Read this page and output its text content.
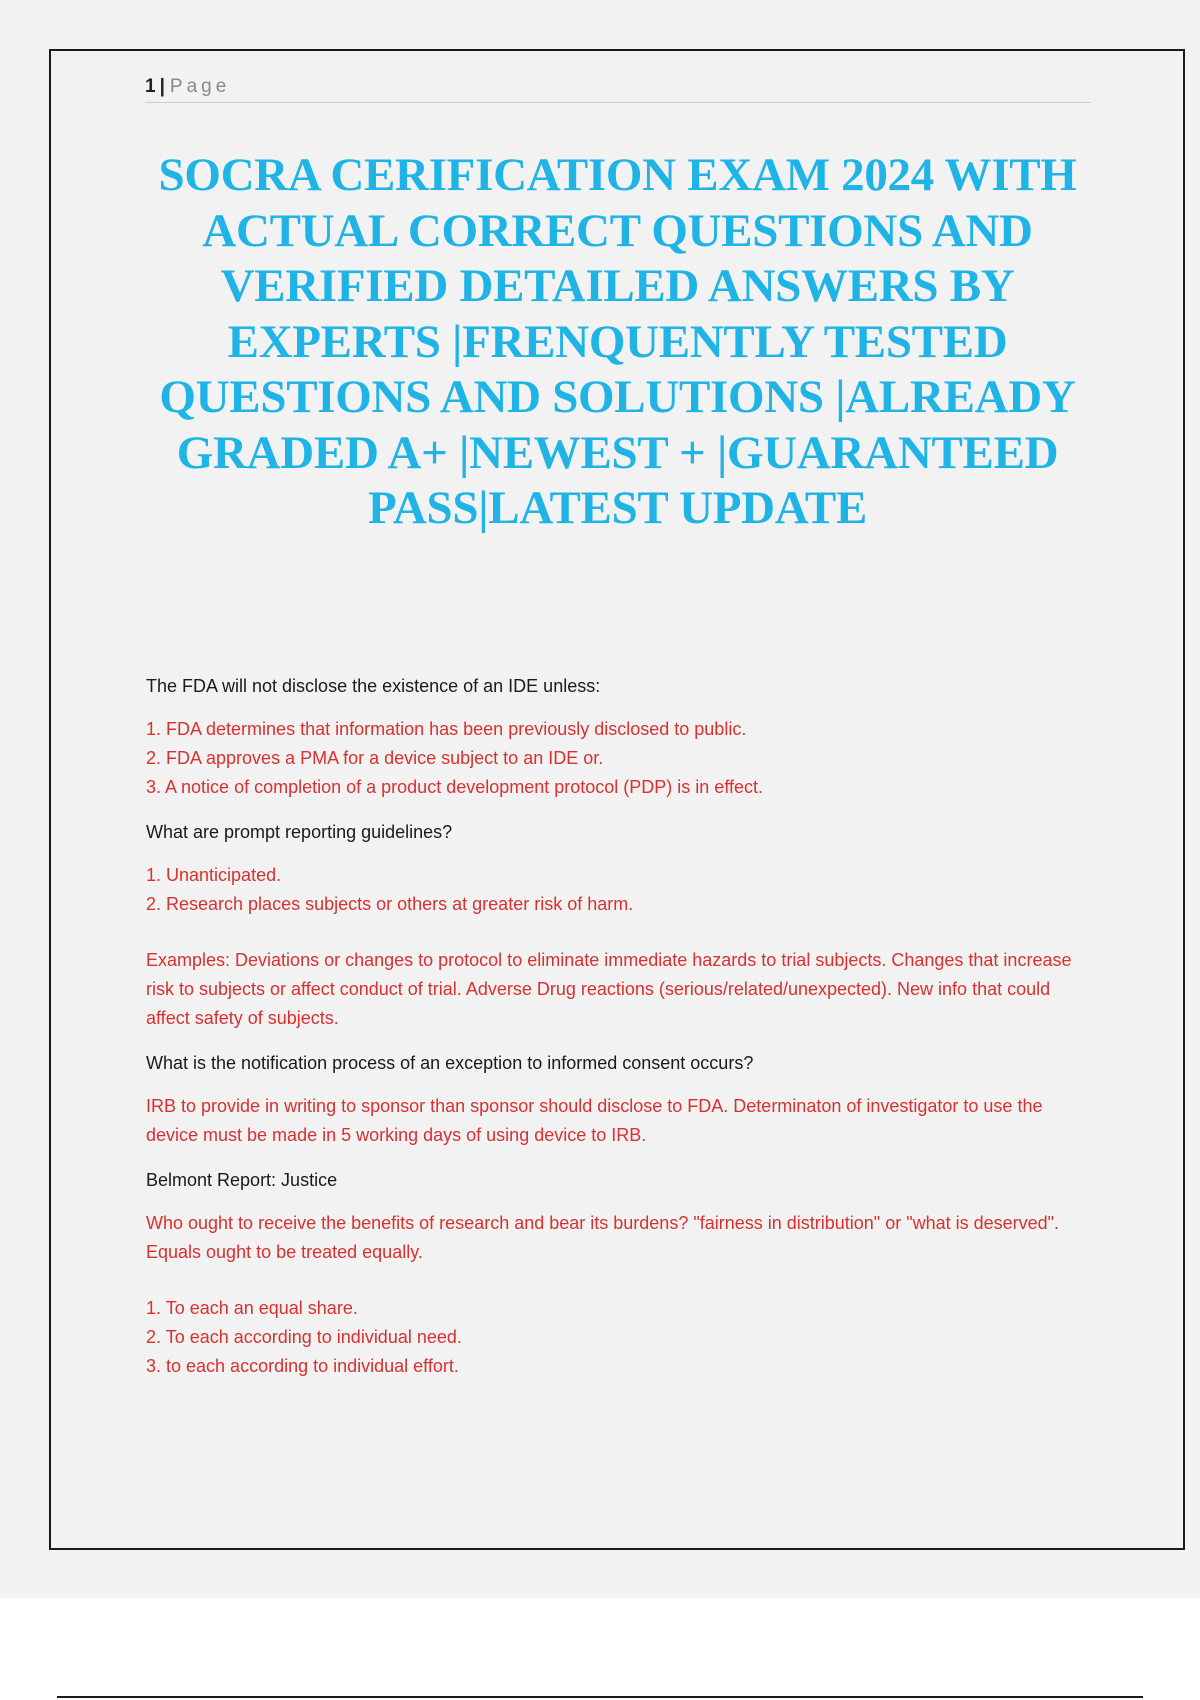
1 | Page
SOCRA CERIFICATION EXAM 2024 WITH ACTUAL CORRECT QUESTIONS AND VERIFIED DETAILED ANSWERS BY EXPERTS |FRENQUENTLY TESTED QUESTIONS AND SOLUTIONS |ALREADY GRADED A+ |NEWEST + |GUARANTEED PASS|LATEST UPDATE

The FDA will not disclose the existence of an IDE unless:

1. FDA determines that information has been previously disclosed to public.

2. FDA approves a PMA for a device subject to an IDE or.

3. A notice of completion of a product development protocol (PDP) is in effect.

What are prompt reporting guidelines?

1. Unanticipated.

2. Research places subjects or others at greater risk of harm.

Examples: Deviations or changes to protocol to eliminate immediate hazards to trial subjects. Changes that increase risk to subjects or affect conduct of trial. Adverse Drug reactions (serious/related/unexpected). New info that could affect safety of subjects.

What is the notification process of an exception to informed consent occurs?

IRB to provide in writing to sponsor than sponsor should disclose to FDA. Determinaton of investigator to use the device must be made in 5 working days of using device to IRB.

Belmont Report: Justice

Who ought to receive the benefits of research and bear its burdens? "fairness in distribution" or "what is deserved". Equals ought to be treated equally.

1. To each an equal share.

2. To each according to individual need.

3. to each according to individual effort.
